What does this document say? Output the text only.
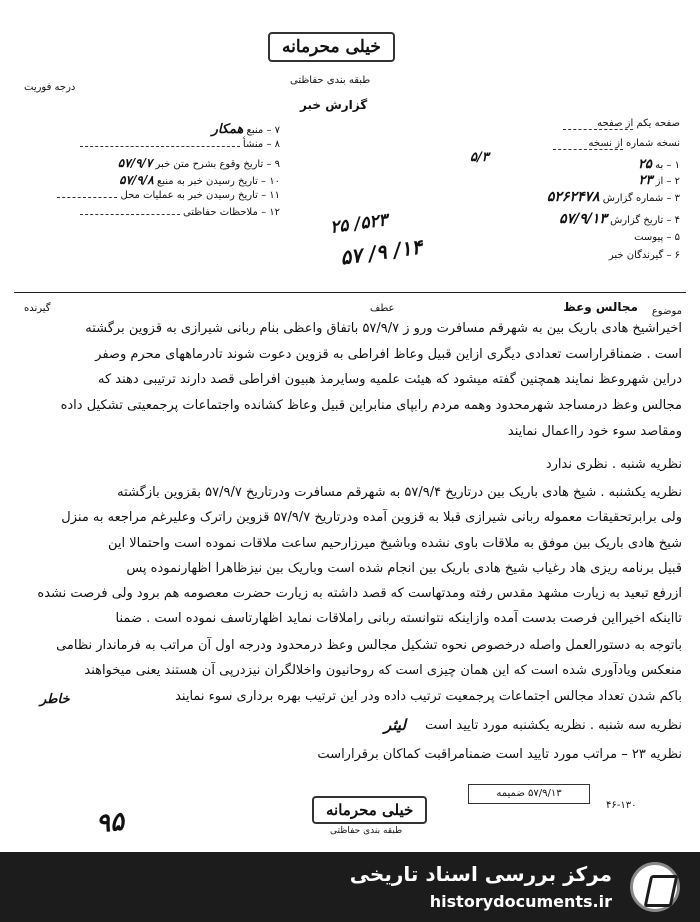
خیلی محرمانه
طبقه بندی حفاظتی
درجه فوریت
گزارش خبر
صفحه یکم از صفحه
نسخه شماره از نسخه
۱ – به ۲۵
۲ – از ۲۳
۳ – شماره گزارش ۵۲۶۲۴۷۸
۴ – تاریخ گزارش ۵۷/۹/۱۳
۵ – پیوست
۶ – گیرندگان خبر
۵/۳
۷ – منبع همکار
۸ – منشأ
۹ – تاریخ وقوع بشرح متن خبر ۵۷/۹/۷
۱۰ – تاریخ رسیدن خبر به منبع ۵۷/۹/۸
۱۱ – تاریخ رسیدن خبر به عملیات محل
۱۲ – ملاحظات حفاظتی
۵۲۳/ ۲۵
۱۴/ ۹/ ۵۷
موضوع
مجالس وعظ
عطف
گیرنده
اخیراشیخ هادی باریک بین به شهرقم مسافرت ورو ز ۵۷/۹/۷ باتفاق واعظی بنام ربانی شیرازی به قزوین برگشته
است . ضمناقراراست تعدادی دیگری ازاین قبیل وعاظ افراطی به قزوین دعوت شوند تادرماههای محرم وصفر
دراین شهروعظ نمایند همچنین گفته میشود که هیئت علمیه وسایرمذ هبیون افراطی قصد دارند ترتیبی دهند که
مجالس وعظ درمساجد شهرمحدود وهمه مردم رابپای منابراین قبیل وعاظ کشانده واجتماعات پرجمعیتی تشکیل داده
ومقاصد سوء خود رااعمال نمایند
نظریه شنبه . نظری ندارد
نظریه یکشنبه . شیخ هادی باریک بین درتاریخ ۵۷/۹/۴ به شهرقم مسافرت ودرتاریخ ۵۷/۹/۷ بقزوین بازگشته
ولی برابرتحقیقات معموله ربانی شیرازی قبلا به قزوین آمده ودرتاریخ ۵۷/۹/۷ قزوین راترک وعلیرغم مراجعه به منزل
شیخ هادی باریک بین موفق به ملاقات باوی نشده وباشیخ میرزارحیم ساعت ملاقات نموده است واحتمالا این
قبیل برنامه ریزی هاد رغیاب شیخ هادی باریک بین انجام شده است وباریک بین نیزظاهرا اظهارنموده پس
ازرفع تبعید به زیارت مشهد مقدس رفته ومدتهاست که قصد داشته به زیارت حضرت معصومه هم برود ولی فرصت نشده
تااینکه اخیرااین فرصت بدست آمده وازاینکه نتوانسته ربانی راملاقات نماید اظهارتاسف نموده است . ضمنا
باتوجه به دستورالعمل واصله درخصوص نحوه تشکیل مجالس وعظ درمحدود ودرجه اول آن مراتب به فرماندار نظامی
منعکس ویادآوری شده است که این همان چیزی است که روحانیون واخلالگران نیزدرپی آن هستند یعنی میخواهند
باکم شدن تعداد مجالس اجتماعات پرجمعیت ترتیب داده ودر این ترتیب بهره برداری سوء نمایند
نظریه سه شنبه . نظریه یکشنبه مورد تایید است
نظریه ۲۳ – مراتب مورد تایید است ضمنامراقبت کماکان برقراراست
خاطر
لیثر
۵۷/۹/۱۳ ضمیمه
۴۶-۱۳۰
خیلی محرمانه
طبقه بندی حفاظتی
۹۵
مرکز بررسی اسناد تاریخی
historydocuments.ir
